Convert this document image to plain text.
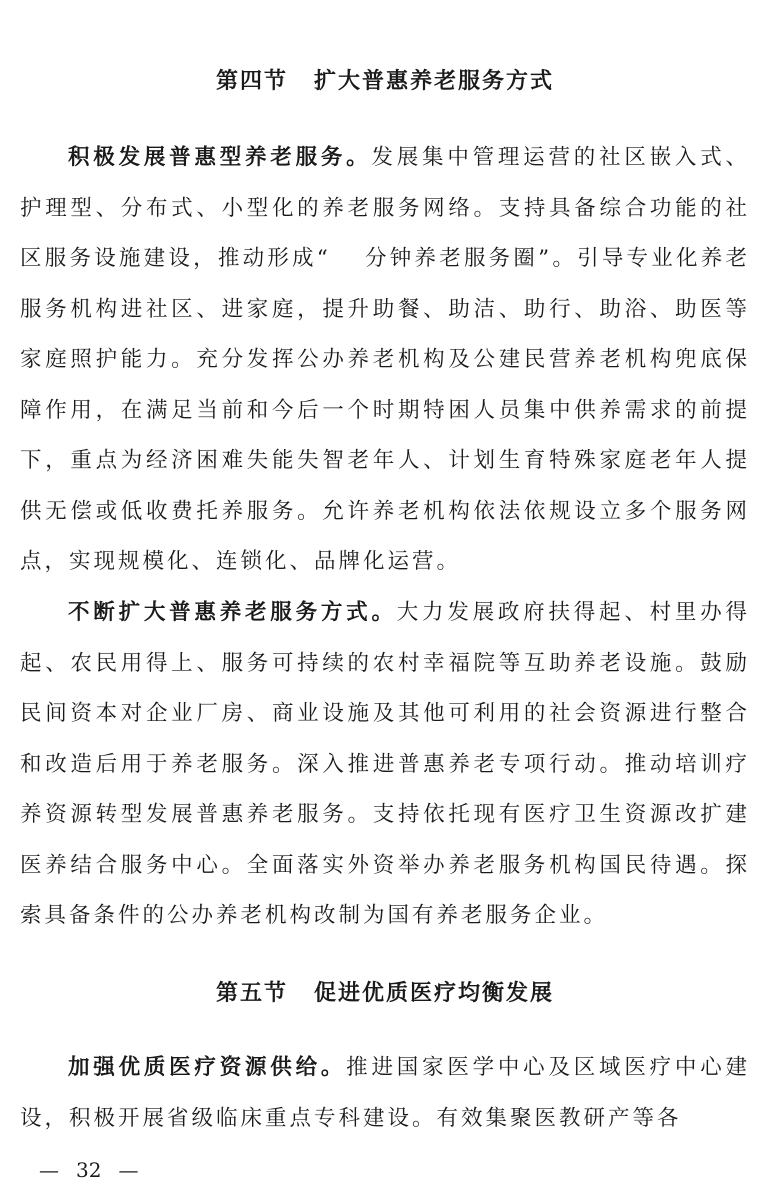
第四节 扩大普惠养老服务方式

积极发展普惠型养老服务。发展集中管理运营的社区嵌入式、护理型、分布式、小型化的养老服务网络。支持具备综合功能的社区服务设施建设，推动形成“ 分钟养老服务圈”。引导专业化养老服务机构进社区、进家庭，提升助餐、助洁、助行、助浴、助医等家庭照护能力。充分发挥公办养老机构及公建民营养老机构兜底保障作用，在满足当前和今后一个时期特困人员集中供养需求的前提下，重点为经济困难失能失智老年人、计划生育特殊家庭老年人提供无偿或低收费托养服务。允许养老机构依法依规设立多个服务网点，实现规模化、连锁化、品牌化运营。

不断扩大普惠养老服务方式。大力发展政府扶得起、村里办得起、农民用得上、服务可持续的农村幸福院等互助养老设施。鼓励民间资本对企业厂房、商业设施及其他可利用的社会资源进行整合和改造后用于养老服务。深入推进普惠养老专项行动。推动培训疗养资源转型发展普惠养老服务。支持依托现有医疗卫生资源改扩建医养结合服务中心。全面落实外资举办养老服务机构国民待遇。探索具备条件的公办养老机构改制为国有养老服务企业。

第五节 促进优质医疗均衡发展

加强优质医疗资源供给。推进国家医学中心及区域医疗中心建设，积极开展省级临床重点专科建设。有效集聚医教研产等各

— 32 —
